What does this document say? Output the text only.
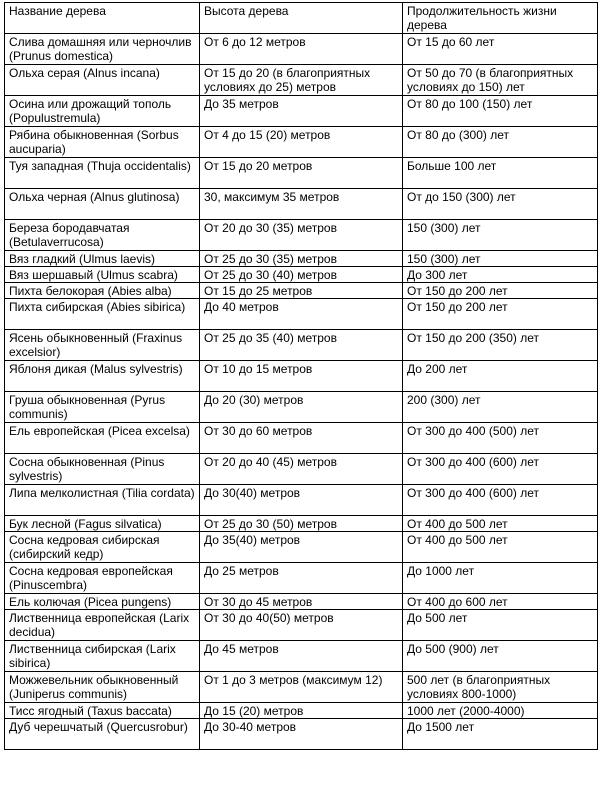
Название дерева	Высота дерева	Продолжительность жизни дерева
Слива домашняя или черночлив (Prunus domestica)	От 6 до 12 метров	От 15 до 60 лет
Ольха серая (Alnus incana)	От 15 до 20 (в благоприятных условиях до 25) метров	От 50 до 70 (в благоприятных условиях до 150) лет
Осина или дрожащий тополь (Populustremula)	До 35 метров	От 80 до 100 (150) лет
Рябина обыкновенная (Sorbus aucuparia)	От 4 до 15 (20) метров	От 80 до (300) лет
Туя западная (Thuja occidentalis)	От 15 до 20 метров	Больше 100 лет
Ольха черная (Alnus glutinosa)	30, максимум 35 метров	От до 150 (300) лет
Береза бородавчатая (Betulaverrucosa)	От 20 до 30 (35) метров	150 (300) лет
Вяз гладкий (Ulmus laevis)	От 25 до 30 (35) метров	150 (300) лет
Вяз шершавый (Ulmus scabra)	От 25 до 30 (40) метров	До 300 лет
Пихта белокорая (Abies alba)	От 15 до 25 метров	От 150 до 200 лет
Пихта сибирская (Abies sibirica)	До 40 метров	От 150 до 200 лет
Ясень обыкновенный (Fraxinus excelsior)	От 25 до 35 (40) метров	От 150 до 200 (350) лет
Яблоня дикая (Malus sylvestris)	От 10 до 15 метров	До 200 лет
Груша обыкновенная (Pyrus communis)	До 20 (30) метров	200 (300) лет
Ель европейская (Picea excelsa)	От 30 до 60 метров	От 300 до 400 (500) лет
Сосна обыкновенная (Pinus sylvestris)	От 20 до 40 (45) метров	От 300 до 400 (600) лет
Липа мелколистная (Tilia cordata)	До 30(40) метров	От 300 до 400 (600) лет
Бук лесной (Fagus silvatica)	От 25 до 30 (50) метров	От 400 до 500 лет
Сосна кедровая сибирская (сибирский кедр)	До 35(40) метров	От 400 до 500 лет
Сосна кедровая европейская (Pinuscembra)	До 25 метров	До 1000 лет
Ель колючая (Picea pungens)	От 30 до 45 метров	От 400 до 600 лет
Лиственница европейская (Larix decidua)	От 30 до 40(50) метров	До 500 лет
Лиственница сибирская (Larix sibirica)	До 45 метров	До 500 (900) лет
Можжевельник обыкновенный (Juniperus communis)	От 1 до 3 метров (максимум 12)	500 лет (в благоприятных условиях 800-1000)
Тисс ягодный (Taxus baccata)	До 15 (20) метров	1000 лет (2000-4000)
Дуб черешчатый (Quercusrobur)	До 30-40 метров	До 1500 лет
